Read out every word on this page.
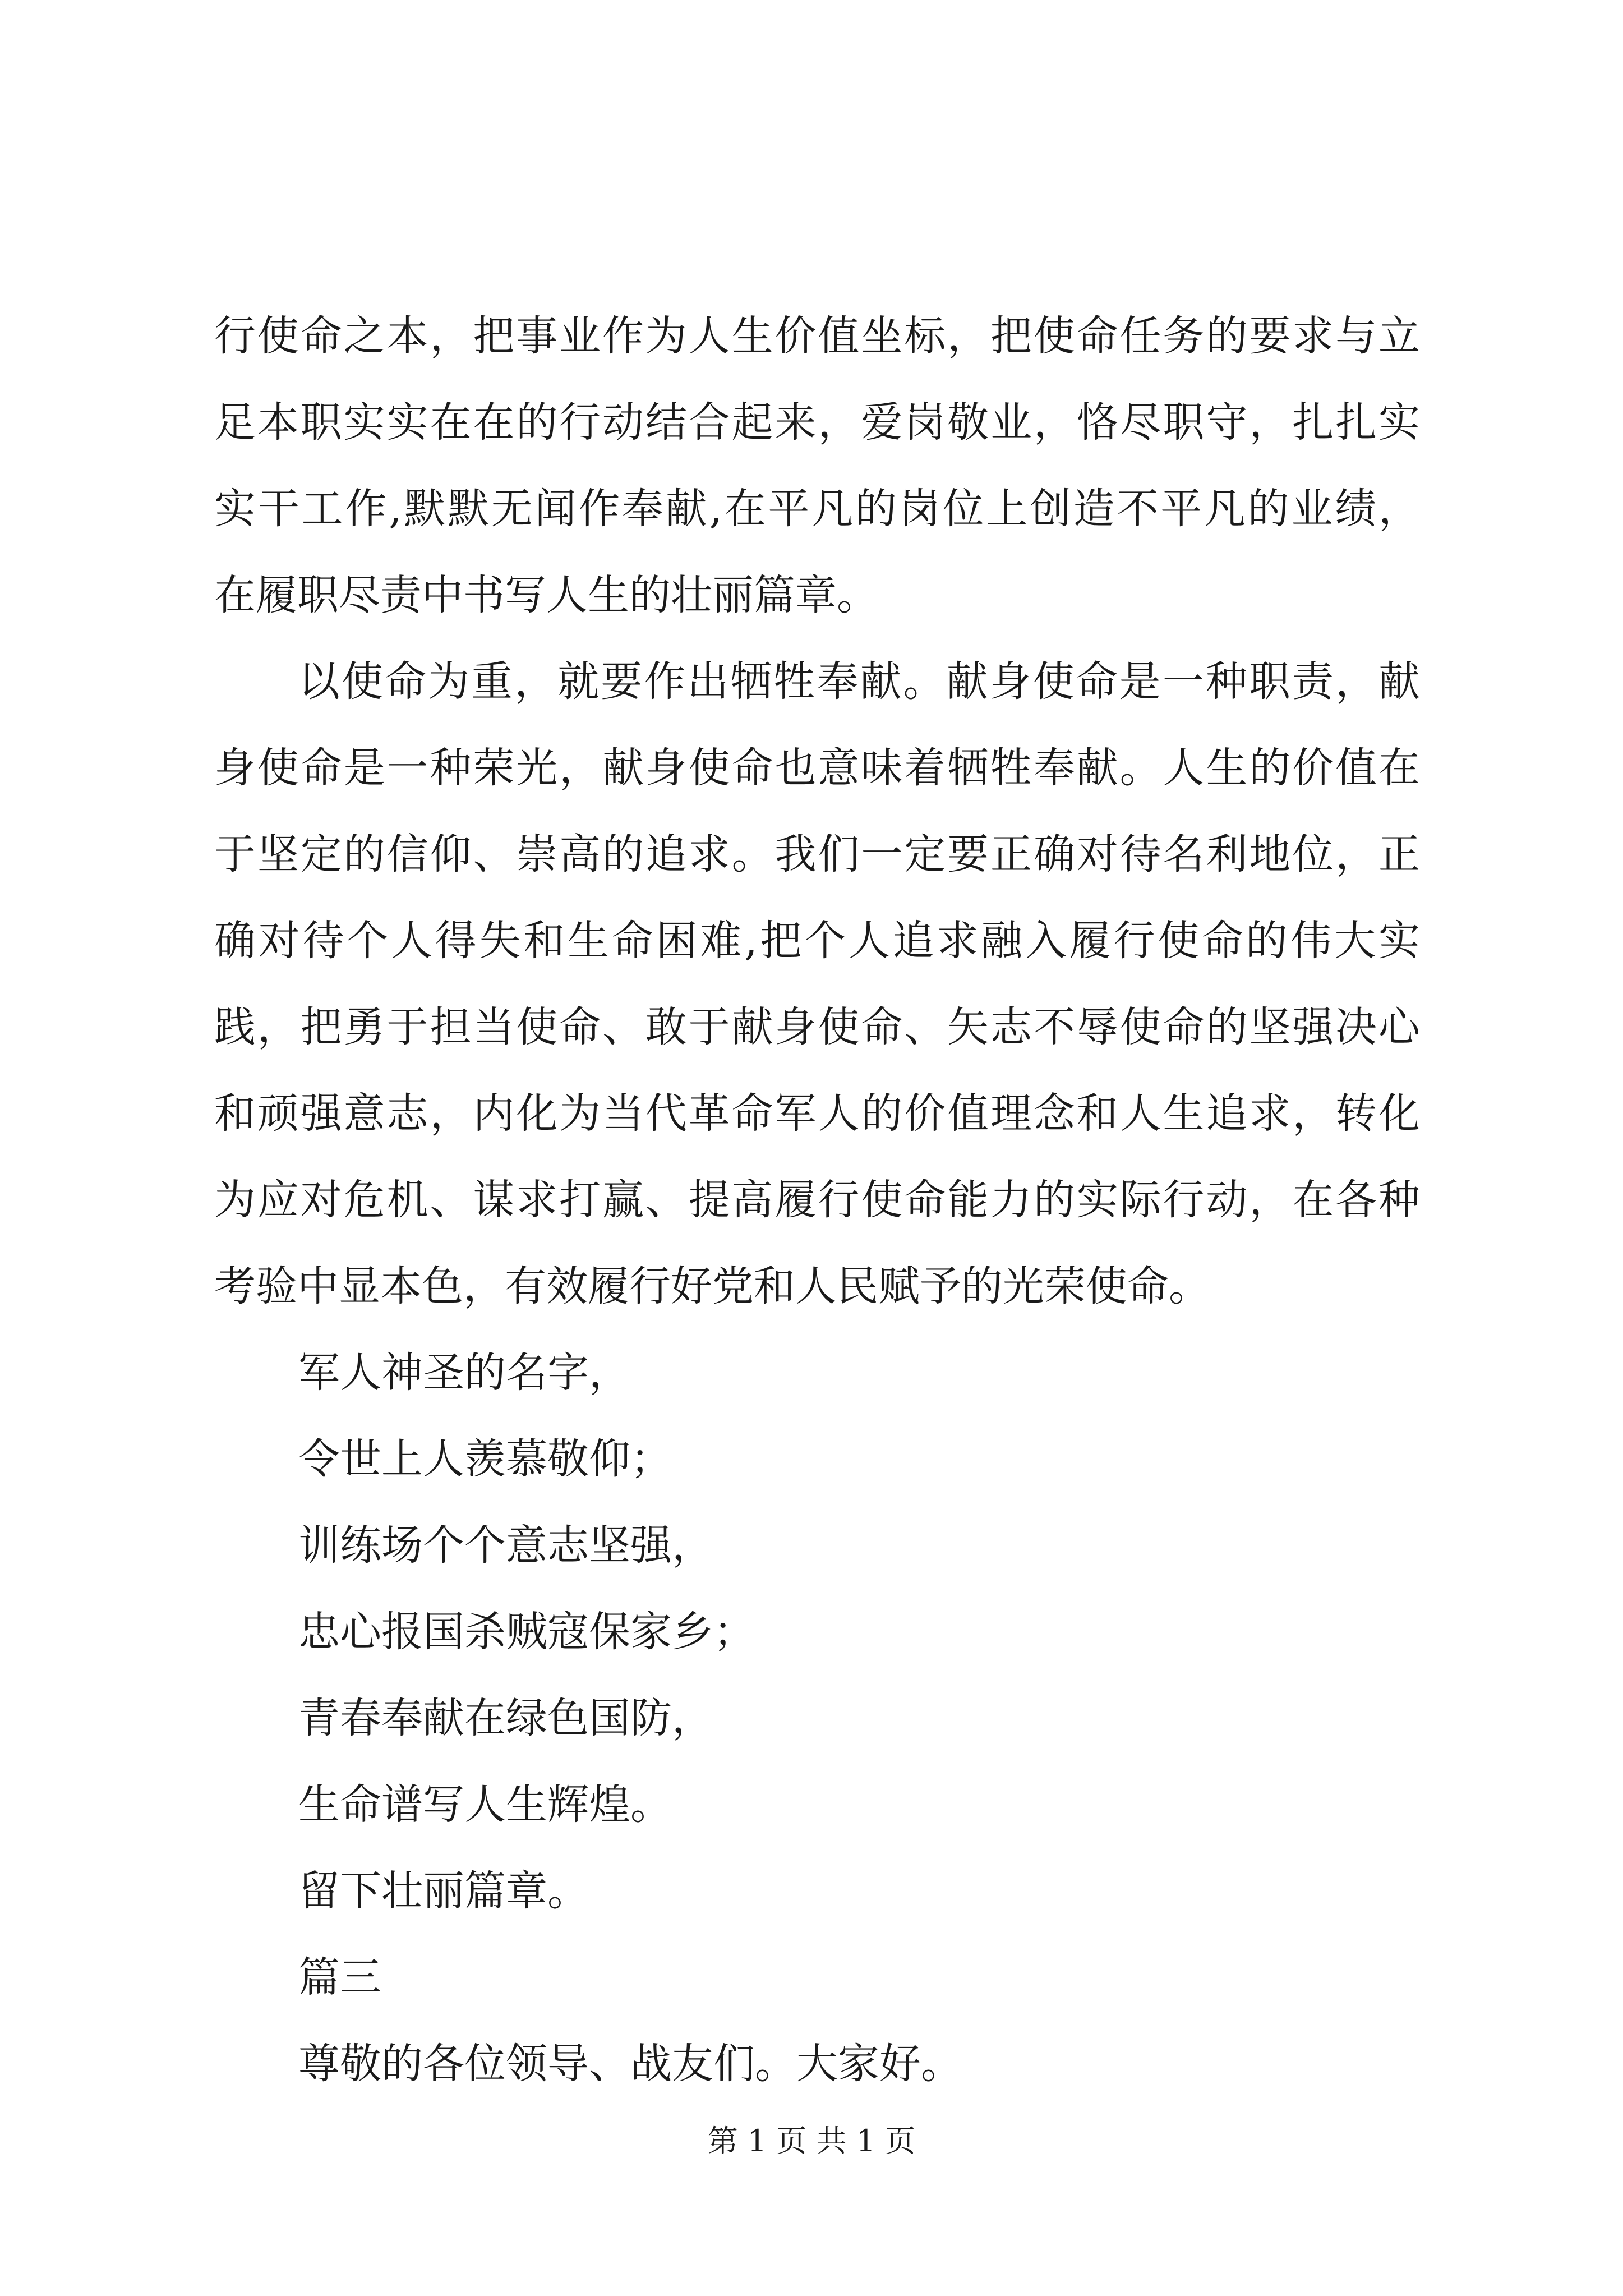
行使命之本，把事业作为人生价值坐标，把使命任务的要求与立
足本职实实在在的行动结合起来，爱岗敬业，恪尽职守，扎扎实
实干工作,默默无闻作奉献,在平凡的岗位上创造不平凡的业绩，
在履职尽责中书写人生的壮丽篇章。
以使命为重，就要作出牺牲奉献。献身使命是一种职责，献
身使命是一种荣光，献身使命也意味着牺牲奉献。人生的价值在
于坚定的信仰、崇高的追求。我们一定要正确对待名利地位，正
确对待个人得失和生命困难,把个人追求融入履行使命的伟大实
践，把勇于担当使命、敢于献身使命、矢志不辱使命的坚强决心
和顽强意志，内化为当代革命军人的价值理念和人生追求，转化
为应对危机、谋求打赢、提高履行使命能力的实际行动，在各种
考验中显本色，有效履行好党和人民赋予的光荣使命。
军人神圣的名字，
令世上人羡慕敬仰；
训练场个个意志坚强，
忠心报国杀贼寇保家乡；
青春奉献在绿色国防，
生命谱写人生辉煌。
留下壮丽篇章。
篇三
尊敬的各位领导、战友们。大家好。
第 1 页 共 1 页
